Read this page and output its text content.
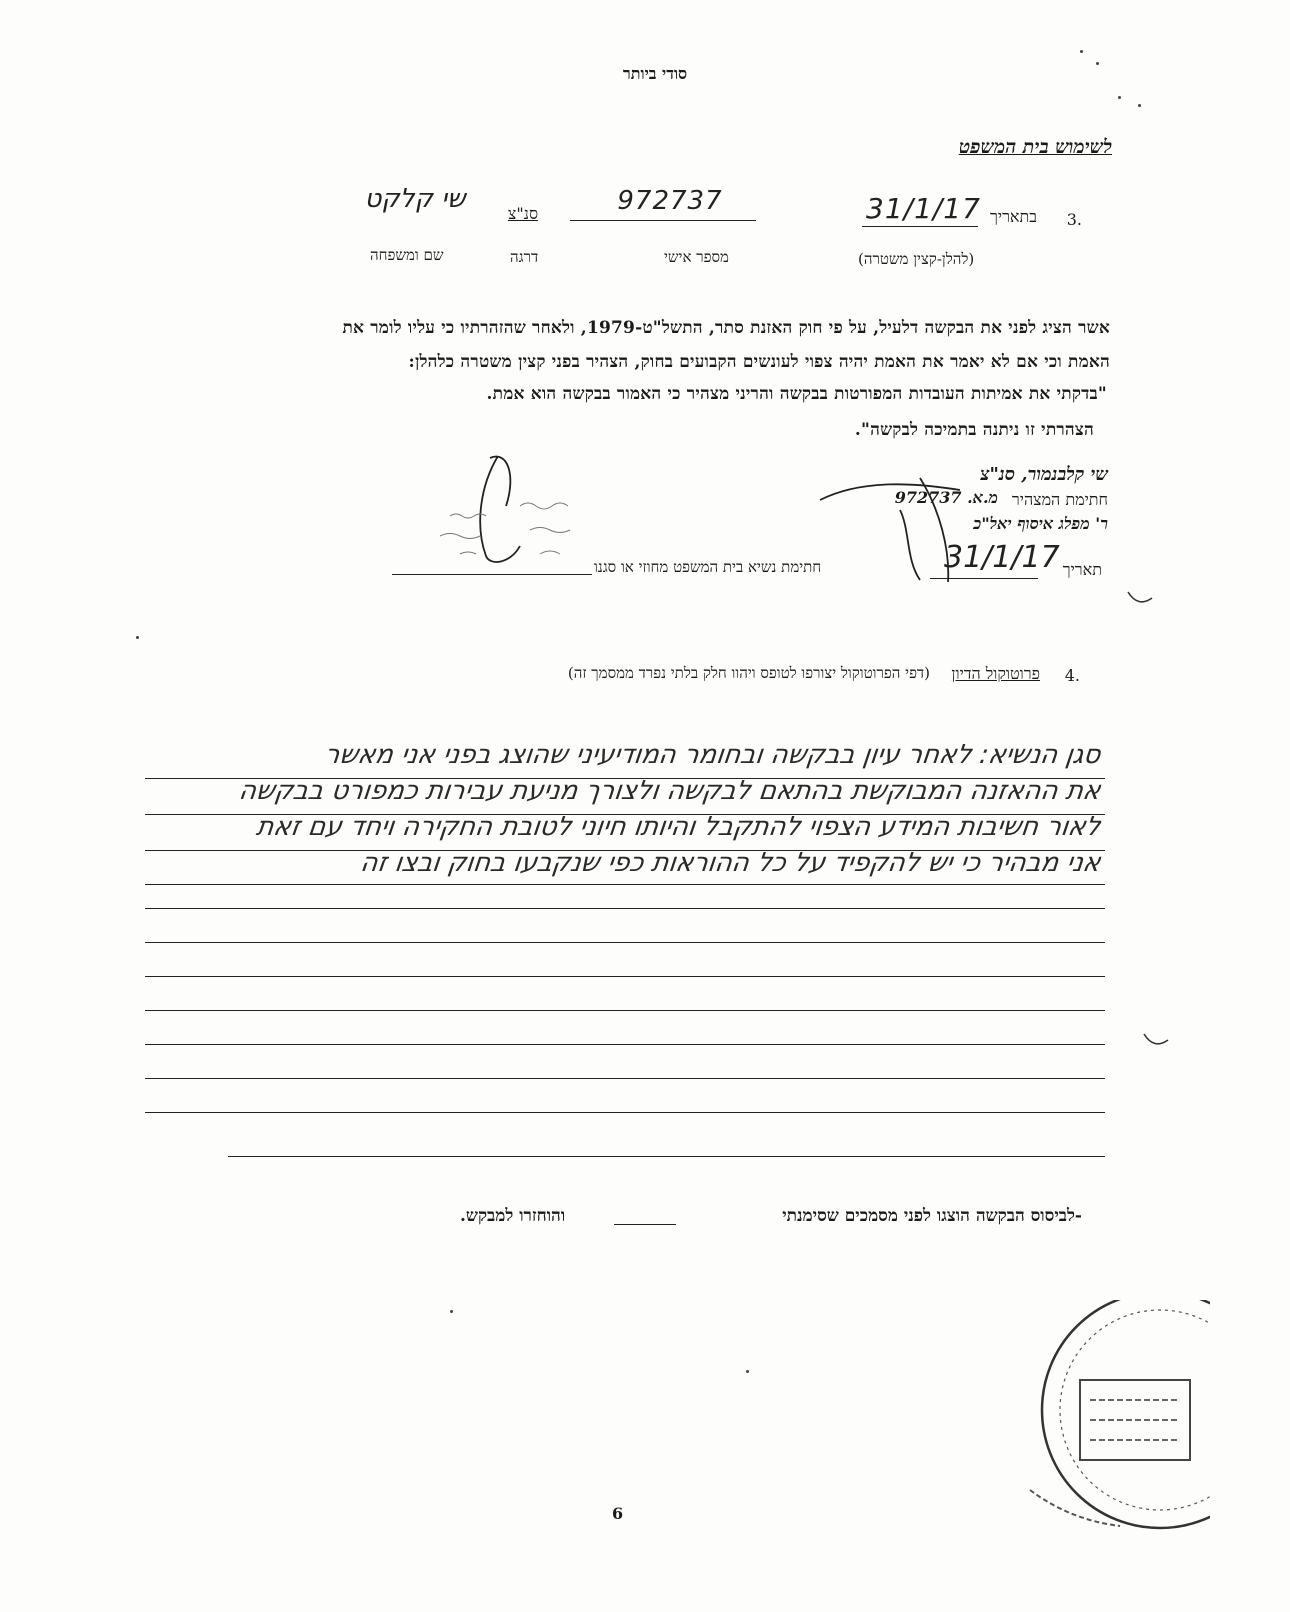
סודי ביותר
לשימוש בית המשפט
3.
בתאריך
31/1/17
(להלן-קצין משטרה)
972737
מספר אישי
סנ"צ
דרגה
שי קלקט
שם ומשפחה
אשר הציג לפני את הבקשה דלעיל, על פי חוק האזנת סתר, התשל"ט-1979, ולאחר שהזהרתיו כי עליו לומר את
האמת וכי אם לא יאמר את האמת יהיה צפוי לעונשים הקבועים בחוק, הצהיר בפני קצין משטרה כלהלן:
"בדקתי את אמיתות העובדות המפורטות בבקשה והריני מצהיר כי האמור בבקשה הוא אמת.
הצהרתי זו ניתנה בתמיכה לבקשה".
שי קלבנמור, סנ"צ
חתימת המצהיר
מ.א. 972737
ר' מפלג איסוף יאל"כ
תאריך
31/1/17
חתימת נשיא בית המשפט מחוזי או סגנו
4.
פרוטוקול הדיון
(דפי הפרוטוקול יצורפו לטופס ויהוו חלק בלתי נפרד ממסמך זה)
סגן הנשיא: לאחר עיון בבקשה ובחומר המודיעיני שהוצג בפני אני מאשר
את ההאזנה המבוקשת בהתאם לבקשה ולצורך מניעת עבירות כמפורט בבקשה
לאור חשיבות המידע הצפוי להתקבל והיותו חיוני לטובת החקירה ויחד עם זאת
אני מבהיר כי יש להקפיד על כל ההוראות כפי שנקבעו בחוק ובצו זה
-לביסוס הבקשה הוצגו לפני מסמכים שסימנתי
והוחזרו למבקש.
6
